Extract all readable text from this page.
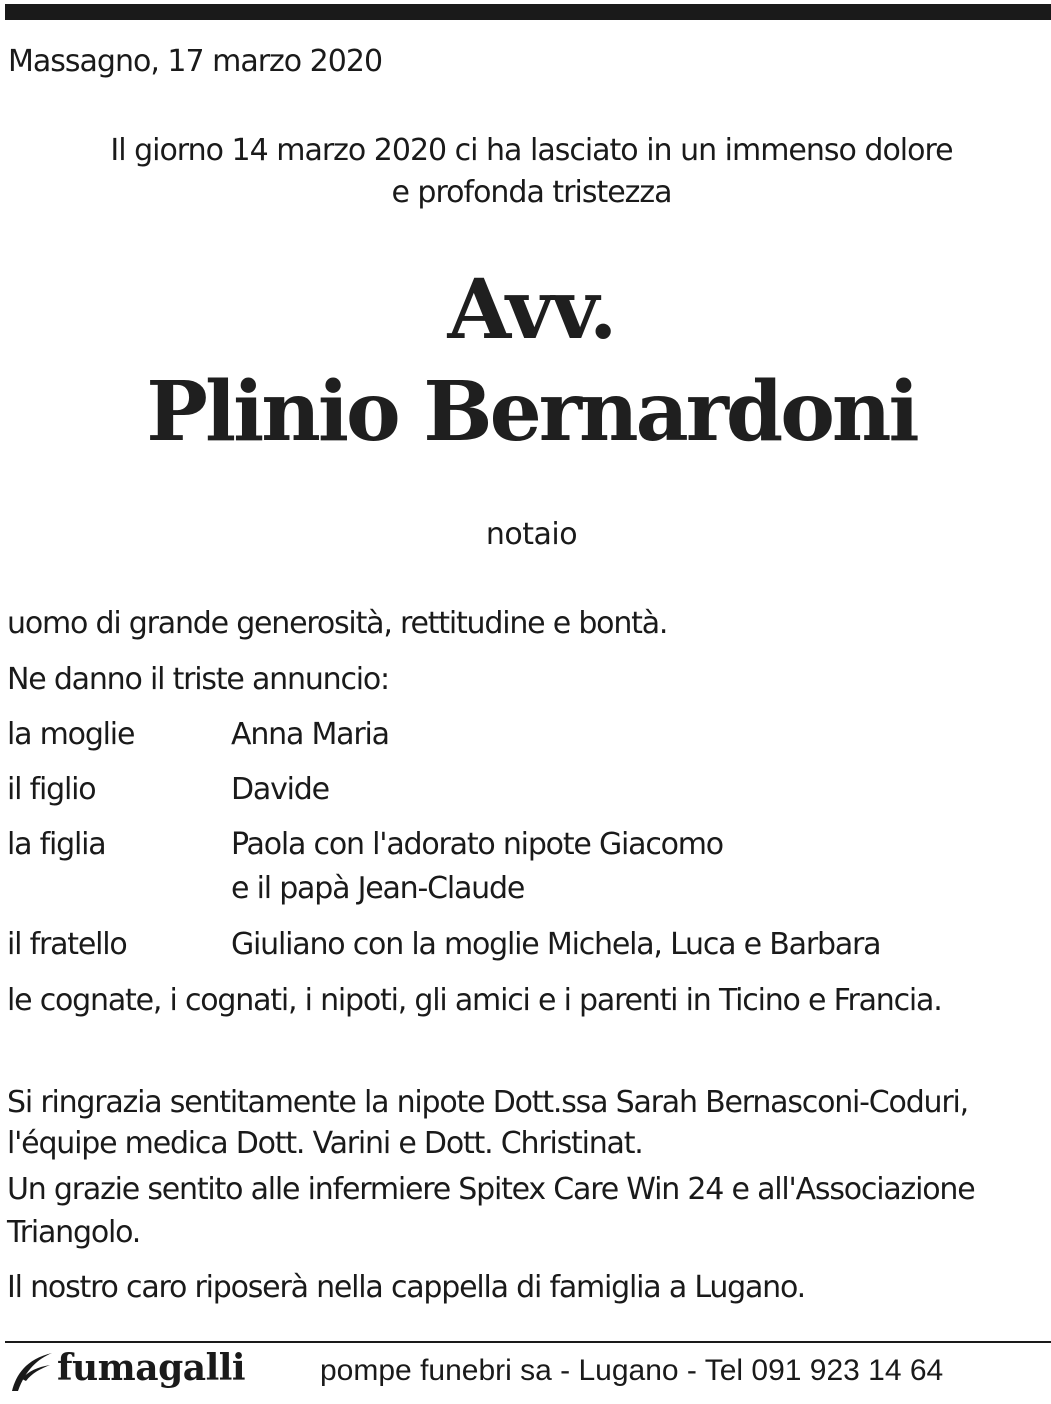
Massagno, 17 marzo 2020
Il giorno 14 marzo 2020 ci ha lasciato in un immenso dolore
e profonda tristezza
Avv.
Plinio Bernardoni
notaio
uomo di grande generosità, rettitudine e bontà.
Ne danno il triste annuncio:
la moglie	Anna Maria
il figlio	Davide
la figlia	Paola con l'adorato nipote Giacomo
e il papà Jean-Claude
il fratello	Giuliano con la moglie Michela, Luca e Barbara
le cognate, i cognati, i nipoti, gli amici e i parenti in Ticino e Francia.
Si ringrazia sentitamente la nipote Dott.ssa Sarah Bernasconi-Coduri,
l'équipe medica Dott. Varini e Dott. Christinat.
Un grazie sentito alle infermiere Spitex Care Win 24 e all'Associazione
Triangolo.
Il nostro caro riposerà nella cappella di famiglia a Lugano.
fumagalli pompe funebri sa - Lugano - Tel 091 923 14 64
